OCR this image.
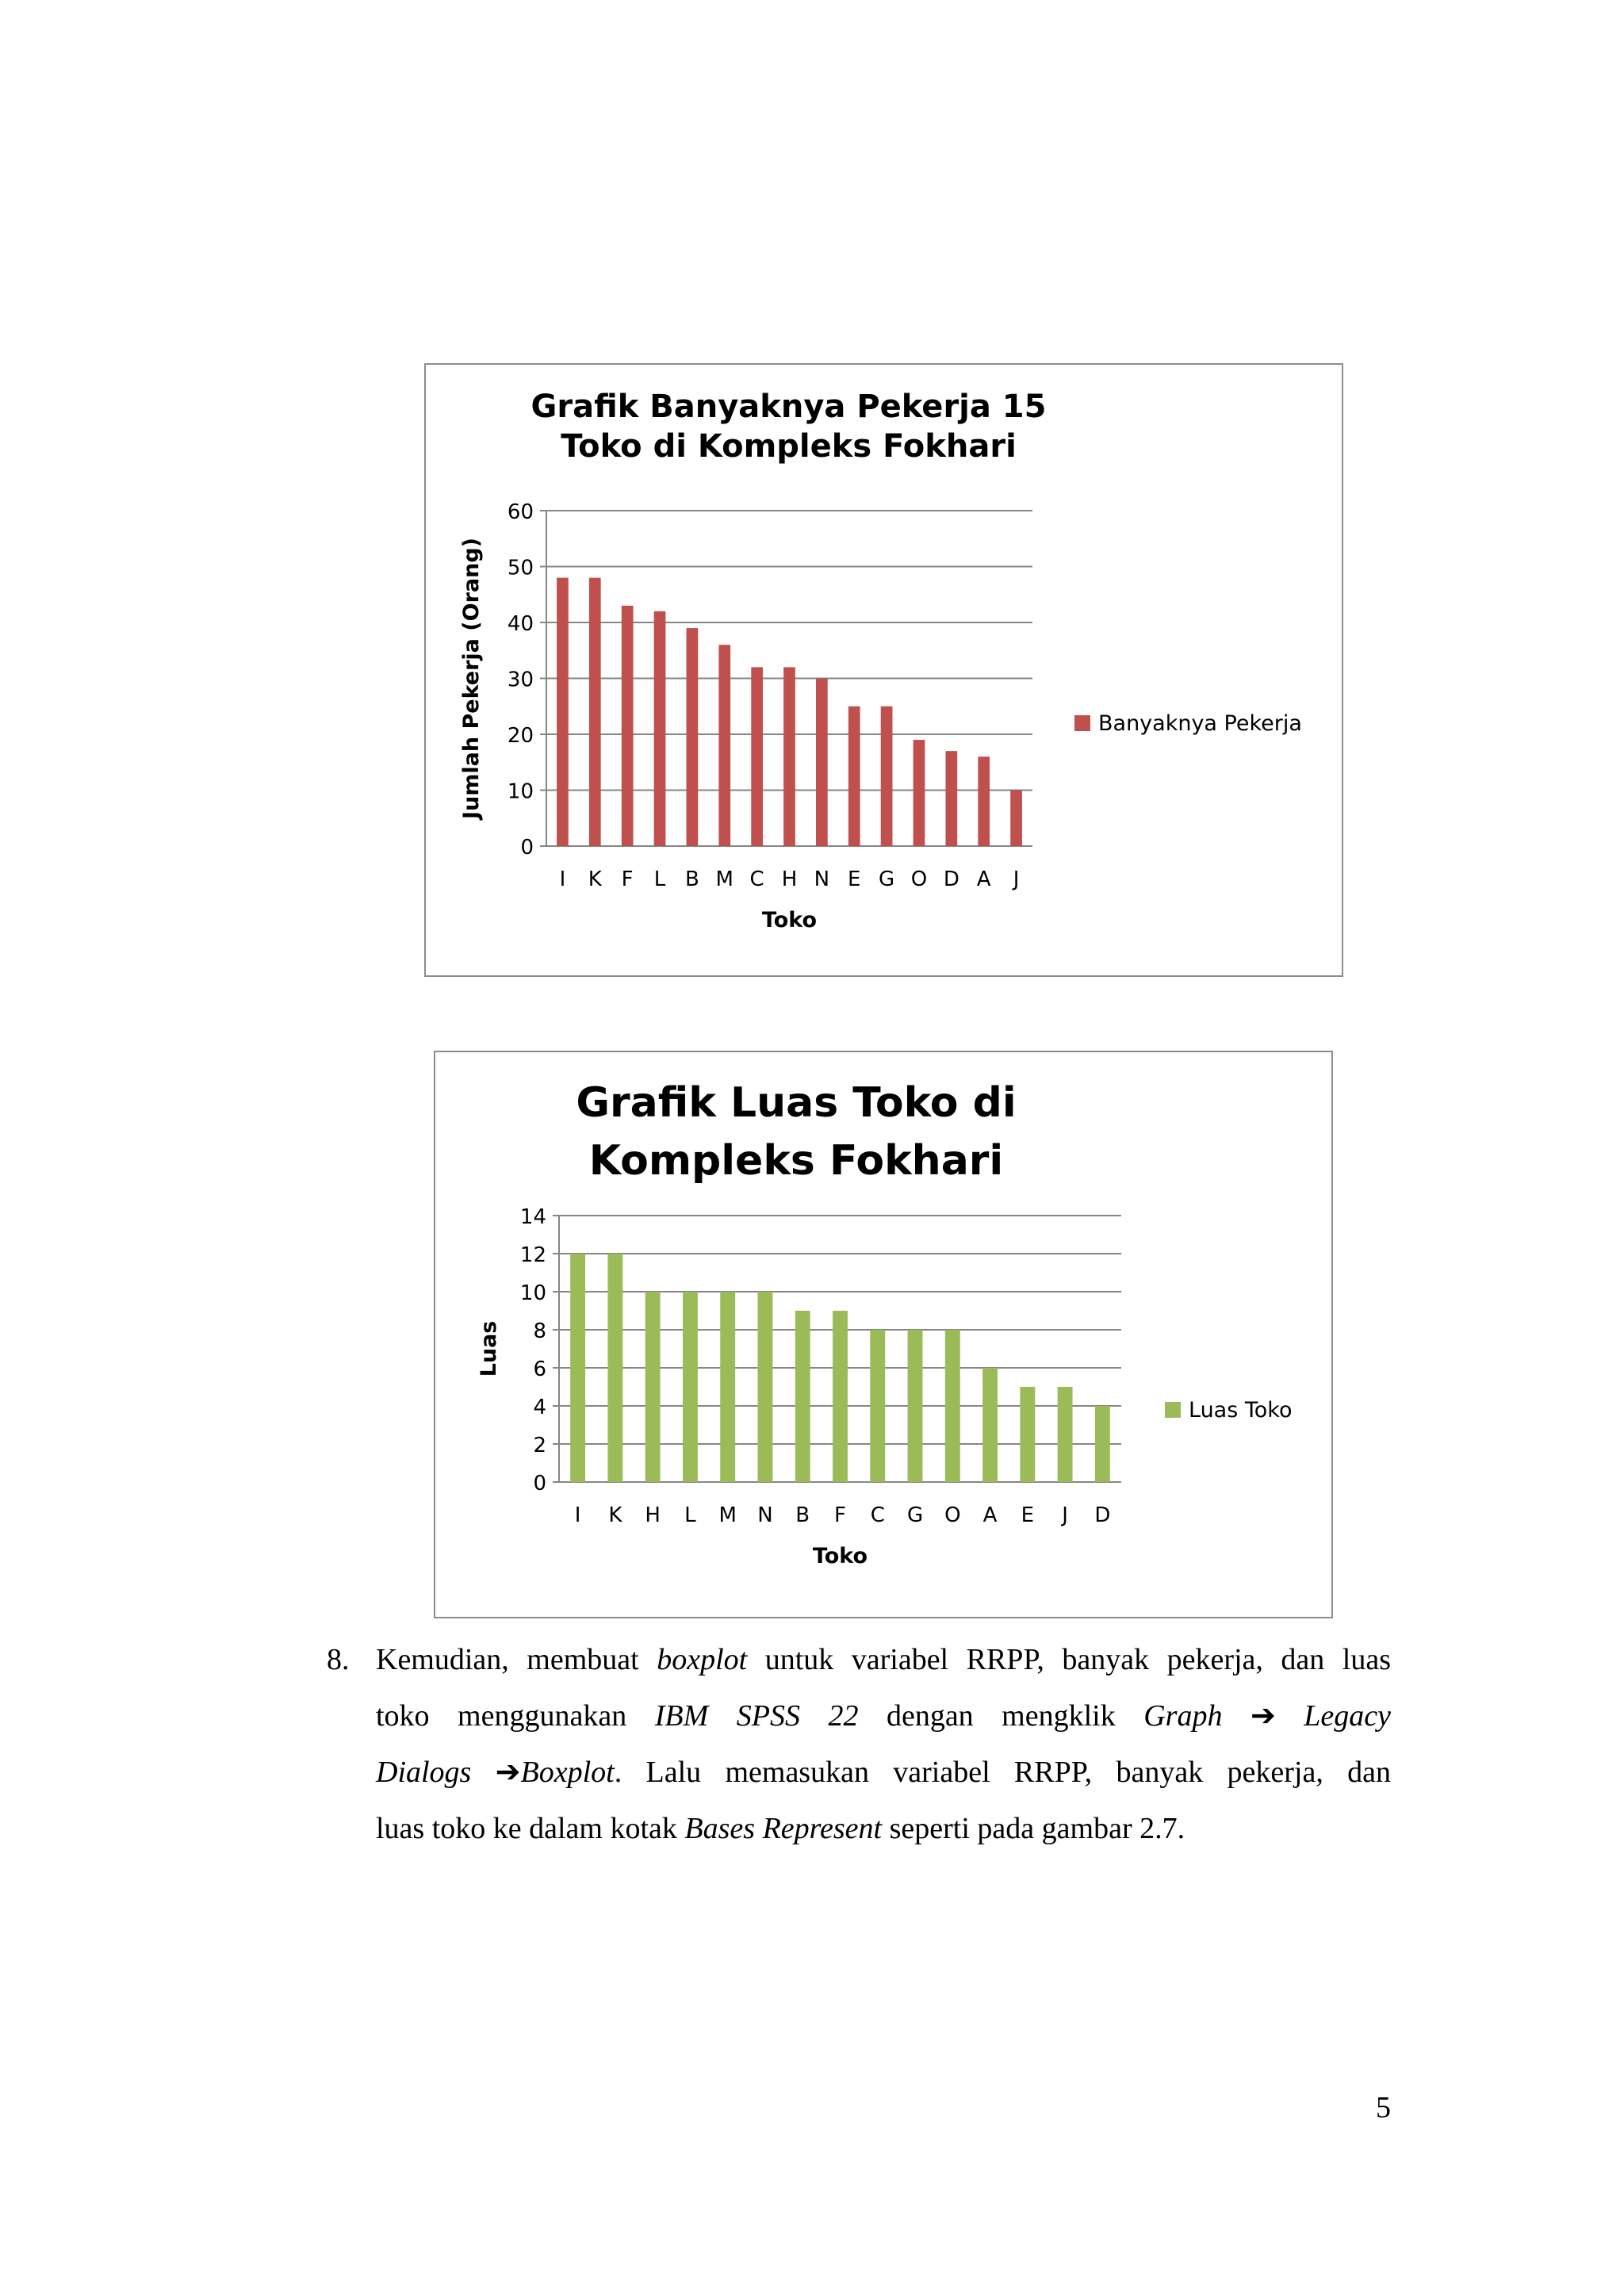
Grafik Banyaknya Pekerja 15 Toko di Kompleks Fokhari
0
10
20
30
40
50
60
I K F L B M C H N E G O D A J
Toko
Jumlah Pekerja (Orang)	Banyaknya Pekerja
Grafik Luas Toko di Kompleks Fokhari
0
2
4
6
8
10
12
14
I K H L M N B F C G O A E J D
Toko
Luas
Luas Toko
8. Kemudian, membuat boxplot untuk variabel RRPP, banyak pekerja, dan luas
toko menggunakan IBM SPSS 22 dengan mengklik Graph ➔ Legacy
Dialogs ➔Boxplot. Lalu memasukan variabel RRPP, banyak pekerja, dan
luas toko ke dalam kotak Bases Represent seperti pada gambar 2.7.
5
